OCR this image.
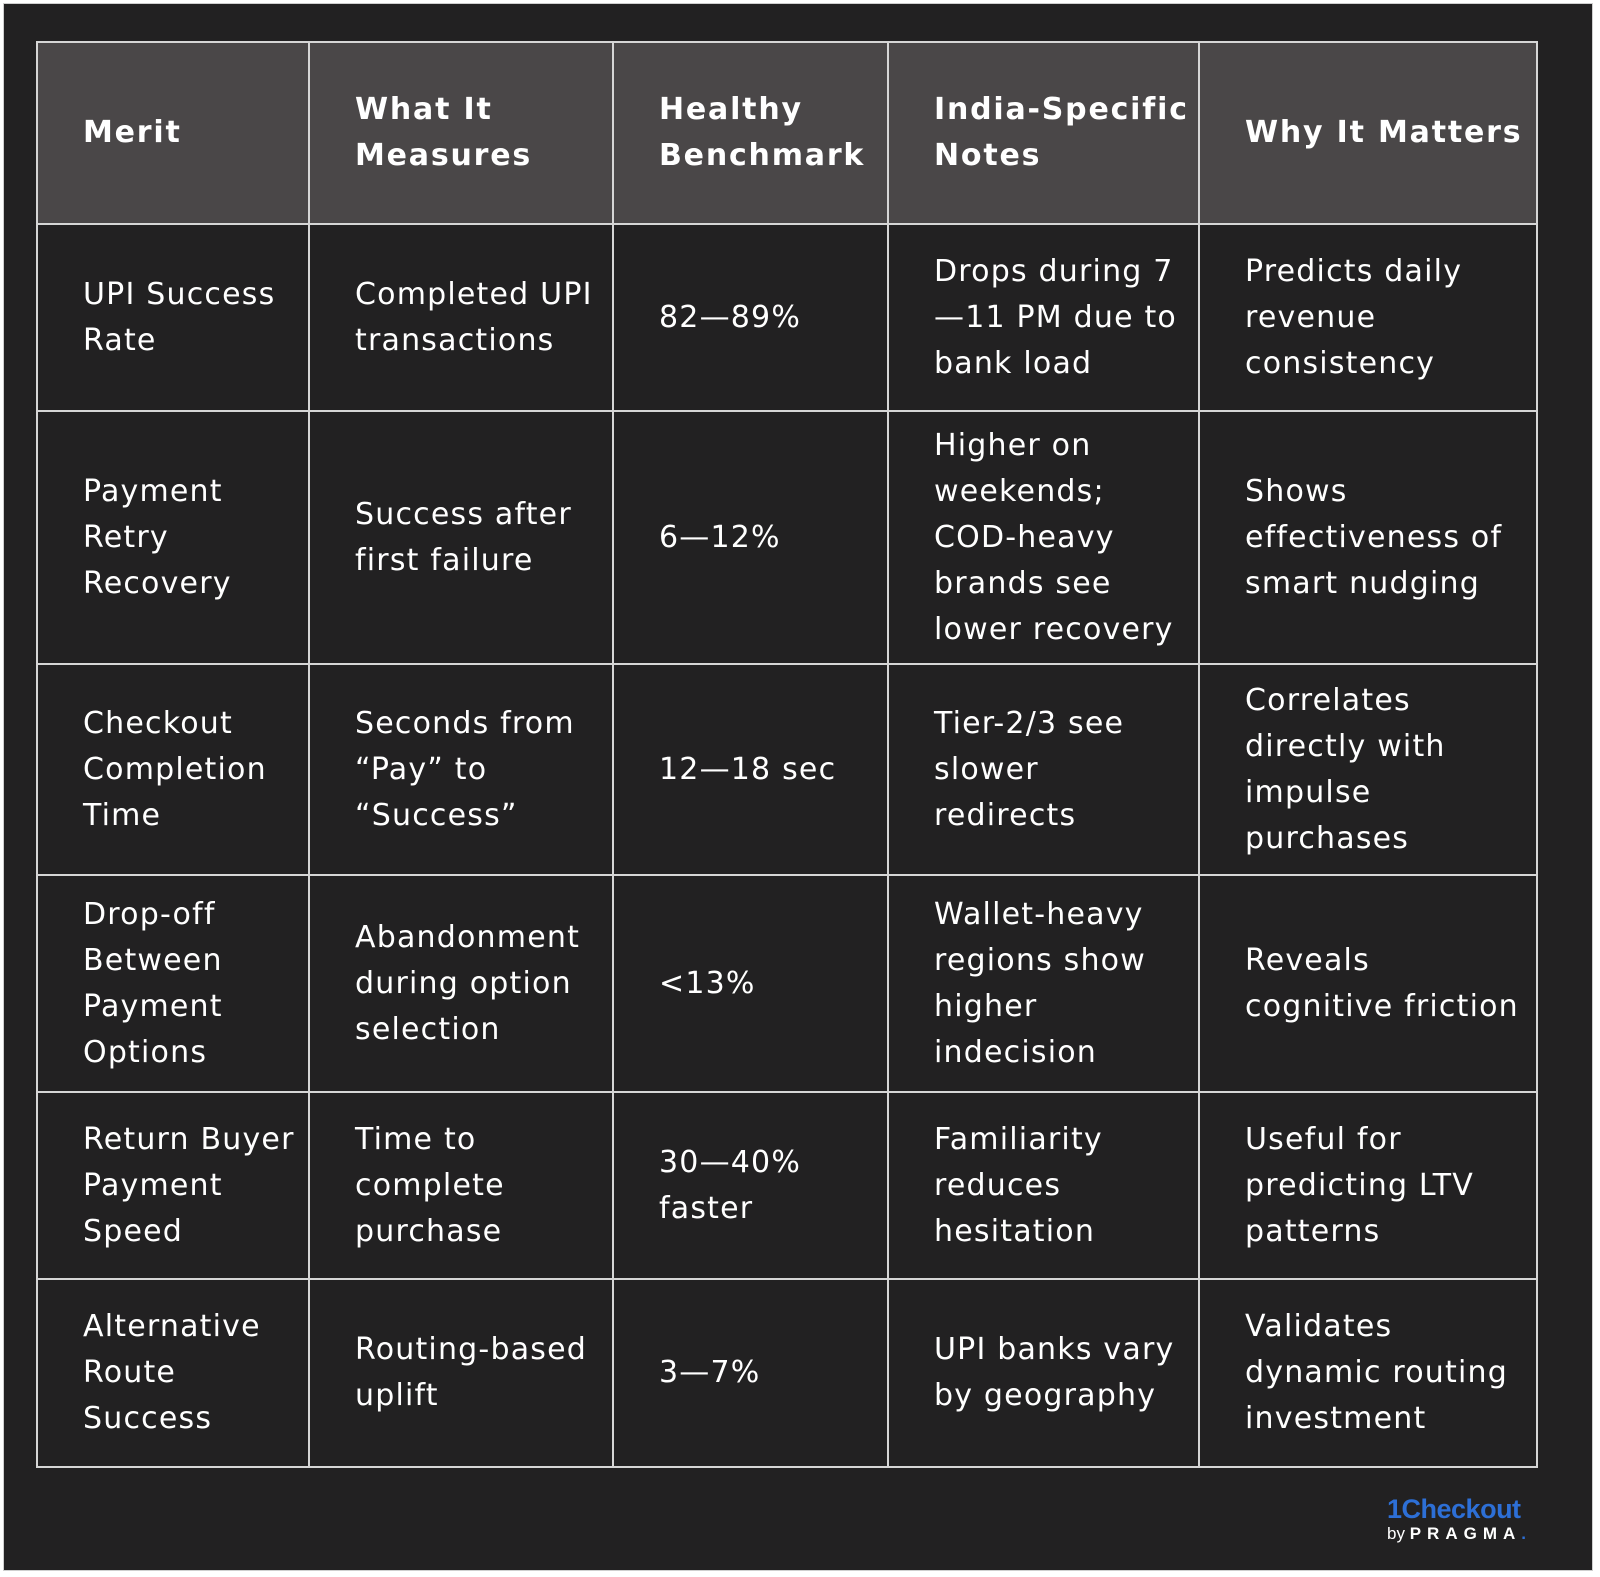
Merit	What It Measures	Healthy Benchmark	India-Specific Notes	Why It Matters
UPI Success Rate	Completed UPI transactions	82—89%	Drops during 7—11 PM due to bank load	Predicts daily revenue consistency
Payment Retry Recovery	Success after first failure	6—12%	Higher on weekends; COD-heavy brands see lower recovery	Shows effectiveness of smart nudging
Checkout Completion Time	Seconds from “Pay” to “Success”	12—18 sec	Tier-2/3 see slower redirects	Correlates directly with impulse purchases
Drop-off Between Payment Options	Abandonment during option selection	<13%	Wallet-heavy regions show higher indecision	Reveals cognitive friction
Return Buyer Payment Speed	Time to complete purchase	30—40% faster	Familiarity reduces hesitation	Useful for predicting LTV patterns
Alternative Route Success	Routing-based uplift	3—7%	UPI banks vary by geography	Validates dynamic routing investment
1Checkout
by PRAGMA.
